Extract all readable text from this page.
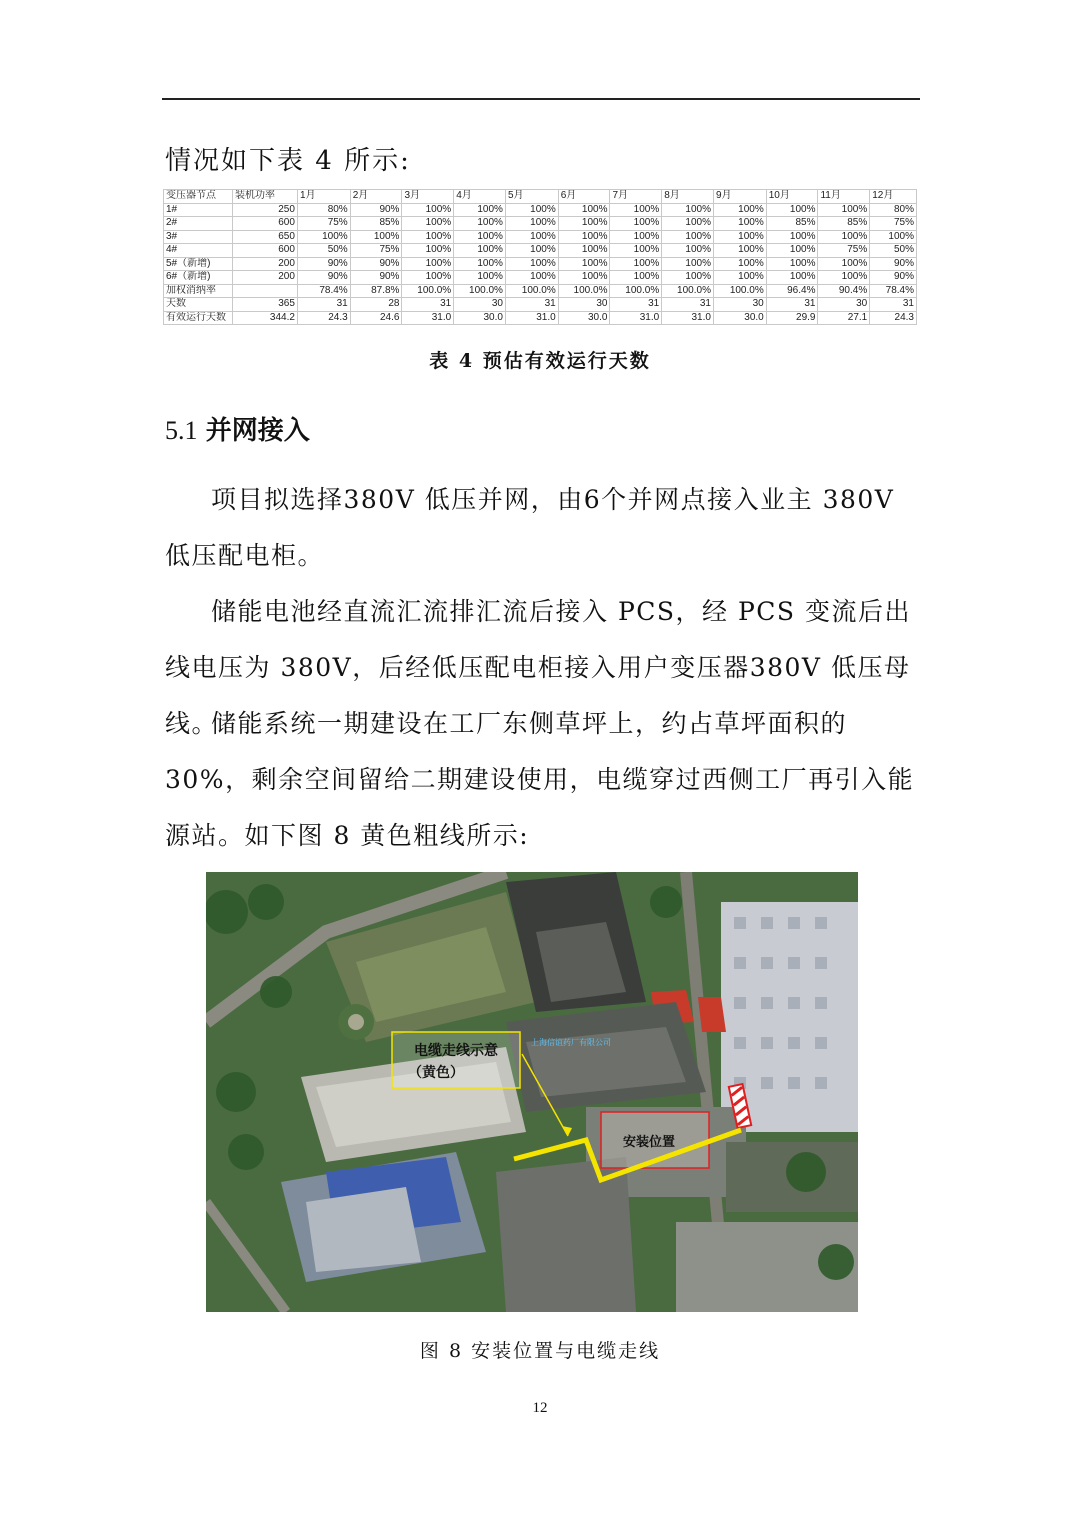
情况如下表 4 所示:
变压器节点	装机功率	1月	2月	3月	4月	5月	6月	7月	8月	9月	10月	11月	12月
1#	250	80%	90%	100%	100%	100%	100%	100%	100%	100%	100%	100%	80%
2#	600	75%	85%	100%	100%	100%	100%	100%	100%	100%	85%	85%	75%
3#	650	100%	100%	100%	100%	100%	100%	100%	100%	100%	100%	100%	100%
4#	600	50%	75%	100%	100%	100%	100%	100%	100%	100%	100%	75%	50%
5#（新增)	200	90%	90%	100%	100%	100%	100%	100%	100%	100%	100%	100%	90%
6#（新增)	200	90%	90%	100%	100%	100%	100%	100%	100%	100%	100%	100%	90%
加权消纳率		78.4%	87.8%	100.0%	100.0%	100.0%	100.0%	100.0%	100.0%	100.0%	96.4%	90.4%	78.4%
天数	365	31	28	31	30	31	30	31	31	30	31	30	31
有效运行天数	344.2	24.3	24.6	31.0	30.0	31.0	30.0	31.0	31.0	30.0	29.9	27.1	24.3
表 4 预估有效运行天数
5.1 并网接入
项目拟选择380V 低压并网，由6个并网点接入业主 380V 低压配电柜。
储能电池经直流汇流排汇流后接入 PCS，经 PCS 变流后出线电压为 380V，后经低压配电柜接入用户变压器380V 低压母线。
储能系统一期建设在工厂东侧草坪上，约占草坪面积的 30%，剩余空间留给二期建设使用，电缆穿过西侧工厂再引入能源站。如下图 8 黄色粗线所示:
电缆走线示意
（黄色）
上海信谊药厂有限公司
安装位置
图 8 安装位置与电缆走线
12
